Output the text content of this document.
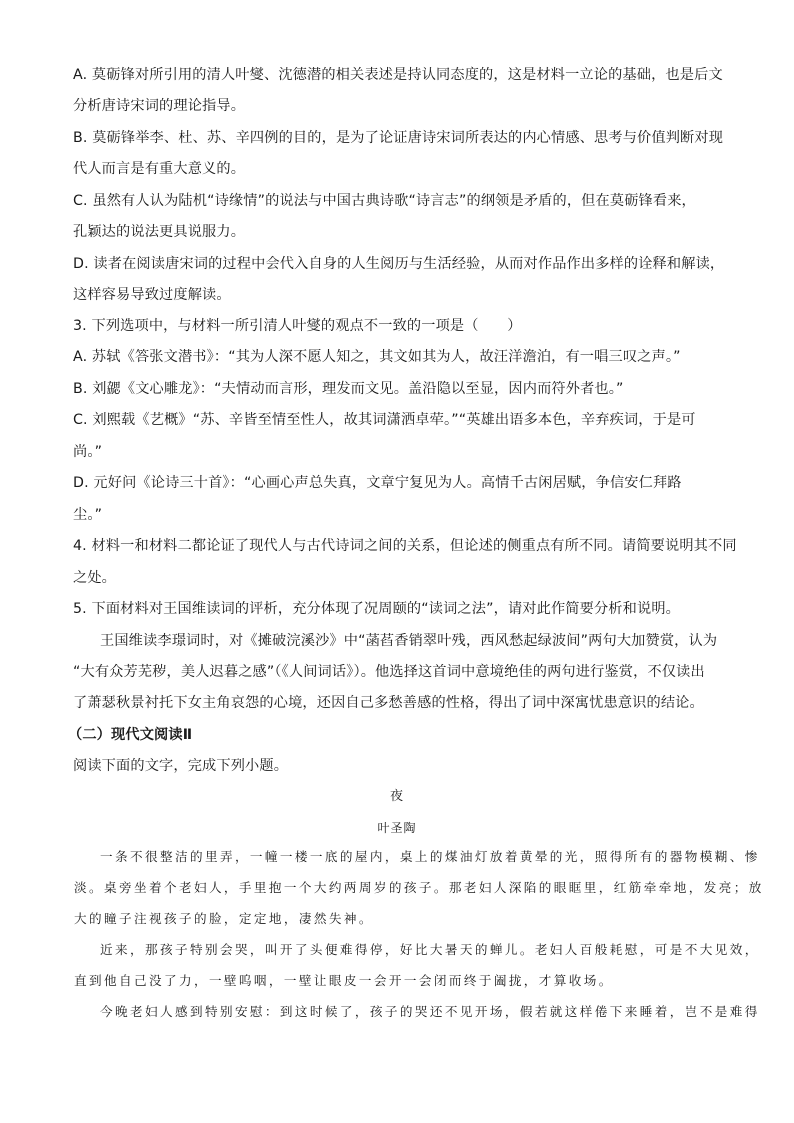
A. 莫砺锋对所引用的清人叶燮、沈德潜的相关表述是持认同态度的，这是材料一立论的基础，也是后文
分析唐诗宋词的理论指导。
B. 莫砺锋举李、杜、苏、辛四例的目的，是为了论证唐诗宋词所表达的内心情感、思考与价值判断对现
代人而言是有重大意义的。
C. 虽然有人认为陆机“诗缘情”的说法与中国古典诗歌“诗言志”的纲领是矛盾的，但在莫砺锋看来，
孔颖达的说法更具说服力。
D. 读者在阅读唐宋词的过程中会代入自身的人生阅历与生活经验，从而对作品作出多样的诠释和解读，
这样容易导致过度解读。
3. 下列选项中，与材料一所引清人叶燮的观点不一致的一项是（　　）
A. 苏轼《答张文潜书》：“其为人深不愿人知之，其文如其为人，故汪洋澹泊，有一唱三叹之声。”
B. 刘勰《文心雕龙》：“夫情动而言形，理发而文见。盖沿隐以至显，因内而符外者也。”
C. 刘熙载《艺概》“苏、辛皆至情至性人，故其词潇洒卓荦。”“英雄出语多本色，辛弃疾词，于是可
尚。”
D. 元好问《论诗三十首》：“心画心声总失真，文章宁复见为人。高情千古闲居赋，争信安仁拜路
尘。”
4. 材料一和材料二都论证了现代人与古代诗词之间的关系，但论述的侧重点有所不同。请简要说明其不同
之处。
5. 下面材料对王国维读词的评析，充分体现了况周颐的“读词之法”，请对此作简要分析和说明。
王国维读李璟词时，对《摊破浣溪沙》中“菡萏香销翠叶残，西风愁起绿波间”两句大加赞赏，认为
“大有众芳芜秽，美人迟暮之感”（《人间词话》）。他选择这首词中意境绝佳的两句进行鉴赏，不仅读出
了萧瑟秋景衬托下女主角哀怨的心境，还因自己多愁善感的性格，得出了词中深寓忧患意识的结论。
（二）现代文阅读Ⅱ
阅读下面的文字，完成下列小题。
夜
叶圣陶
一条不很整洁的里弄，一幢一楼一底的屋内，桌上的煤油灯放着黄晕的光，照得所有的器物模糊、惨
淡。桌旁坐着个老妇人，手里抱一个大约两周岁的孩子。那老妇人深陷的眼眶里，红筋牵牵地，发亮；放
大的瞳子注视孩子的脸，定定地，凄然失神。
近来，那孩子特别会哭，叫开了头便难得停，好比大暑天的蝉儿。老妇人百般耗慰，可是不大见效，
直到他自己没了力，一壁呜咽，一壁让眼皮一会开一会闭而终于阖拢，才算收场。
今晚老妇人感到特别安慰：到这时候了，孩子的哭还不见开场，假若就这样倦下来睡着，岂不是难得
